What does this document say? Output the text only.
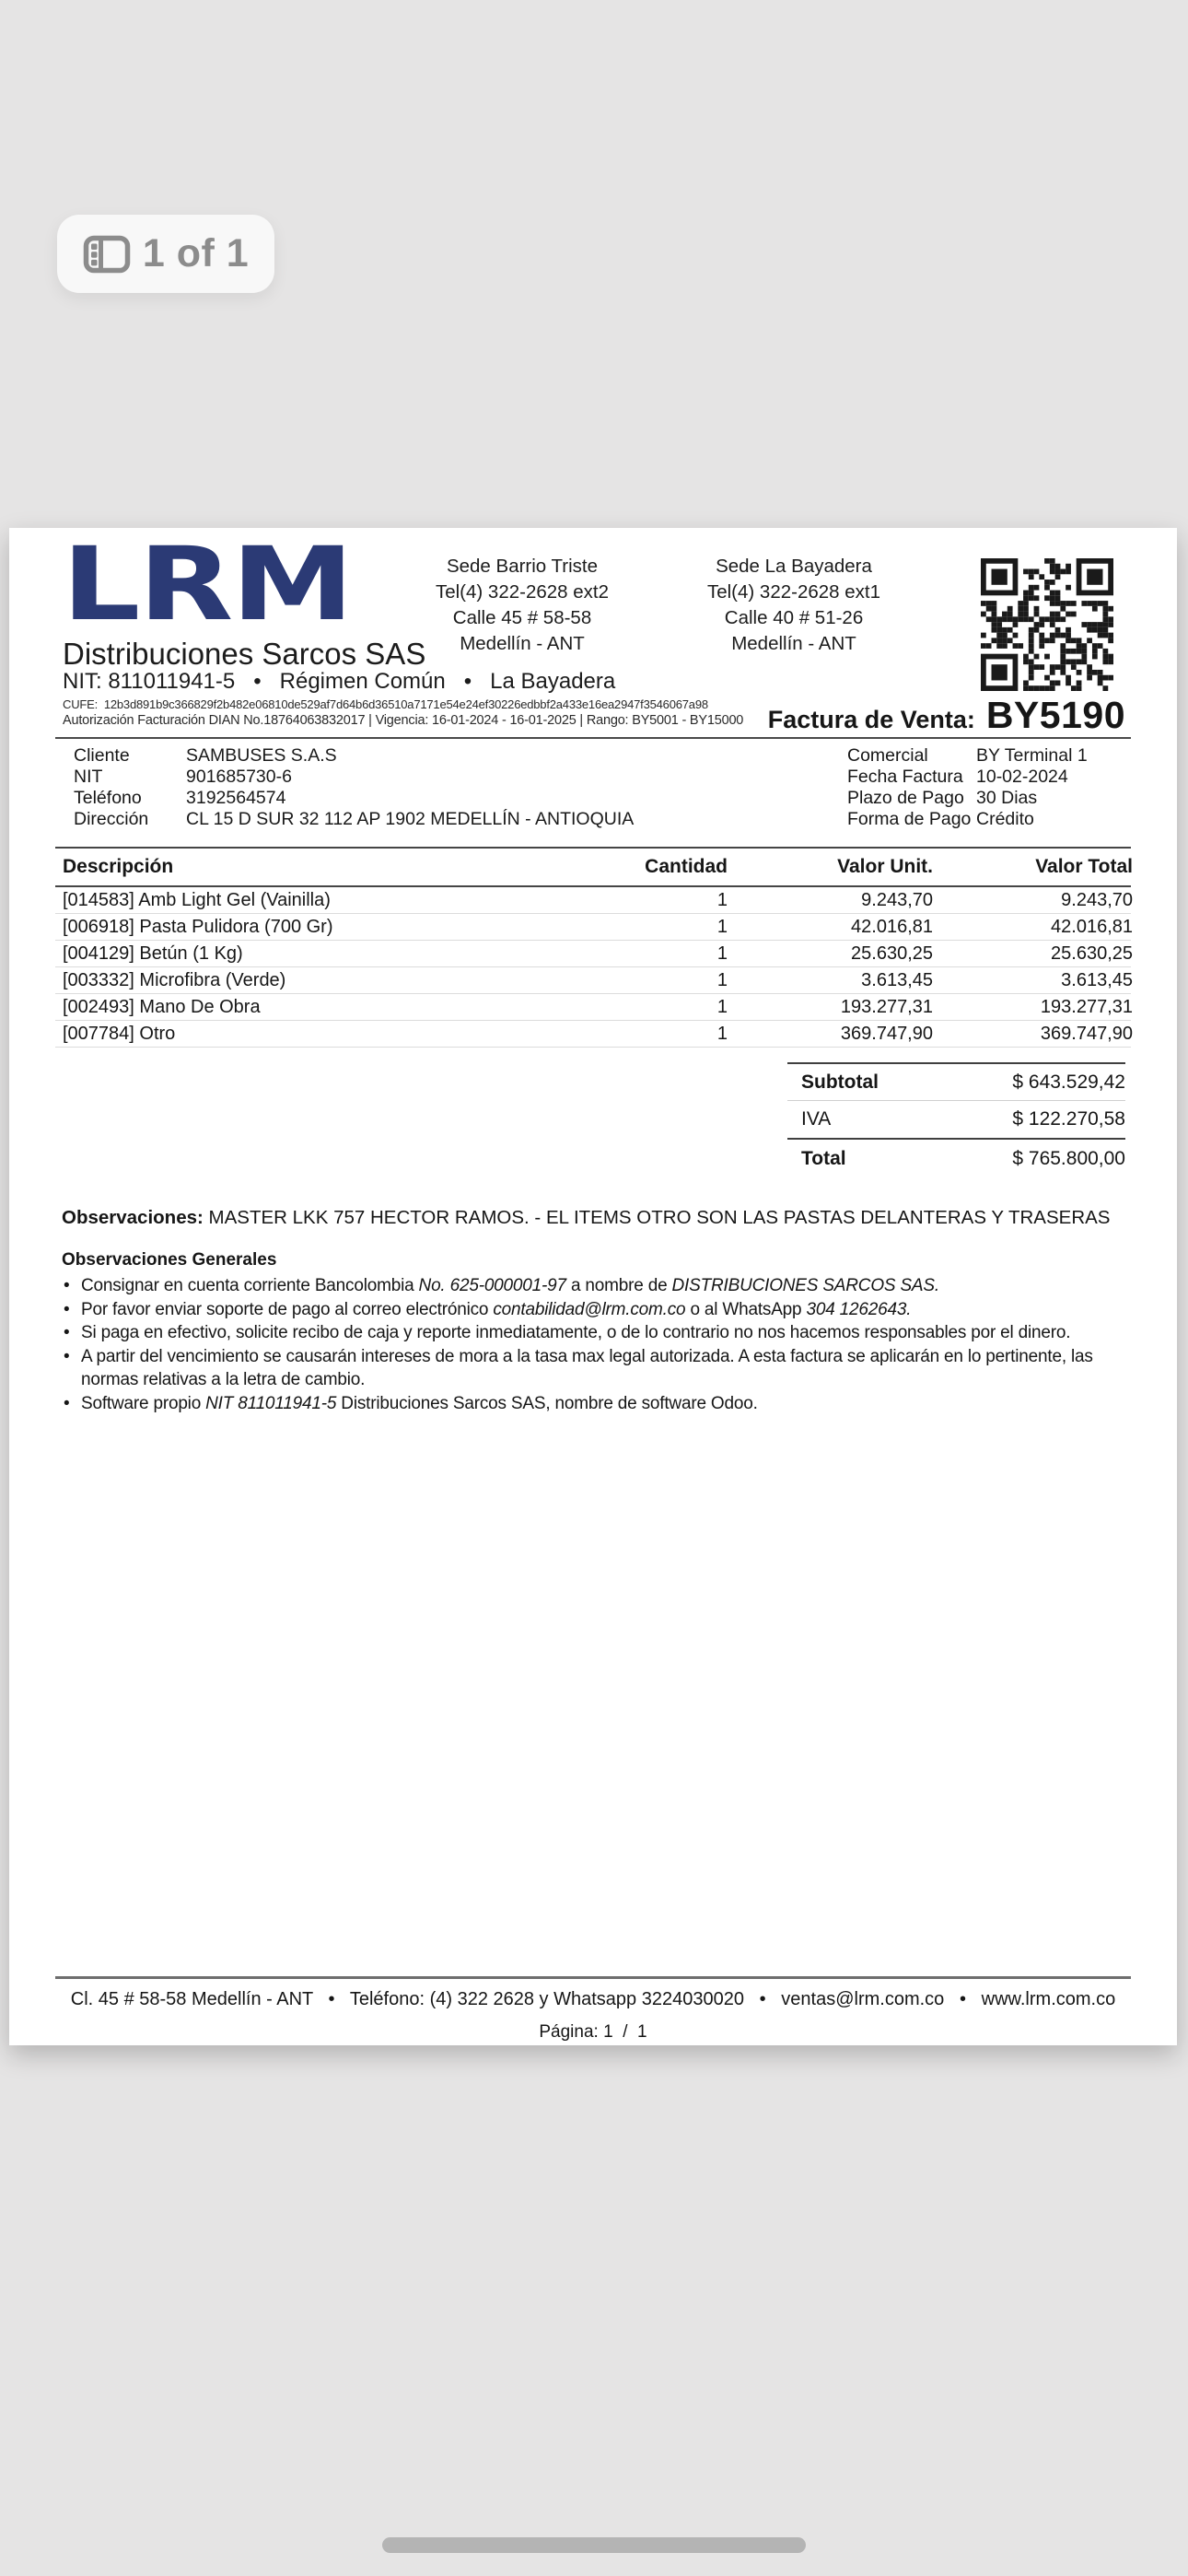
1 of 1
LRM
Distribuciones Sarcos SAS
NIT: 811011941-5   •   Régimen Común   •   La Bayadera
CUFE:  12b3d891b9c366829f2b482e06810de529af7d64b6d36510a7171e54e24ef30226edbbf2a433e16ea2947f3546067a98
Autorización Facturación DIAN No.18764063832017 | Vigencia: 16-01-2024 - 16-01-2025 | Rango: BY5001 - BY15000
Sede Barrio Triste
Tel(4) 322-2628 ext2
Calle 45 # 58-58
Medellín - ANT
Sede La Bayadera
Tel(4) 322-2628 ext1
Calle 40 # 51-26
Medellín - ANT
Factura de Venta: BY5190
Cliente	SAMBUSES S.A.S
NIT	901685730-6
Teléfono	3192564574
Dirección	CL 15 D SUR 32 112 AP 1902 MEDELLÍN - ANTIOQUIA
Comercial	BY Terminal 1
Fecha Factura 10-02-2024
Plazo de Pago 30 Dias
Forma de Pago Crédito
Descripción	Cantidad	Valor Unit.	Valor Total
[014583] Amb Light Gel (Vainilla)	1	9.243,70	9.243,70
[006918] Pasta Pulidora (700 Gr)	1	42.016,81	42.016,81
[004129] Betún (1 Kg)	1	25.630,25	25.630,25
[003332] Microfibra (Verde)	1	3.613,45	3.613,45
[002493] Mano De Obra	1	193.277,31	193.277,31
[007784] Otro	1	369.747,90	369.747,90
Subtotal	$ 643.529,42
IVA	$ 122.270,58
Total	$ 765.800,00
Observaciones: MASTER LKK 757 HECTOR RAMOS. - EL ITEMS OTRO SON LAS PASTAS DELANTERAS Y TRASERAS
Observaciones Generales
• Consignar en cuenta corriente Bancolombia No. 625-000001-97 a nombre de DISTRIBUCIONES SARCOS SAS.
• Por favor enviar soporte de pago al correo electrónico contabilidad@lrm.com.co o al WhatsApp 304 1262643.
• Si paga en efectivo, solicite recibo de caja y reporte inmediatamente, o de lo contrario no nos hacemos responsables por el dinero.
• A partir del vencimiento se causarán intereses de mora a la tasa max legal autorizada. A esta factura se aplicarán en lo pertinente, las normas relativas a la letra de cambio.
• Software propio NIT 811011941-5 Distribuciones Sarcos SAS, nombre de software Odoo.
Cl. 45 # 58-58 Medellín - ANT   •   Teléfono: (4) 322 2628 y Whatsapp 3224030020   •   ventas@lrm.com.co   •   www.lrm.com.co
Página: 1  /  1
